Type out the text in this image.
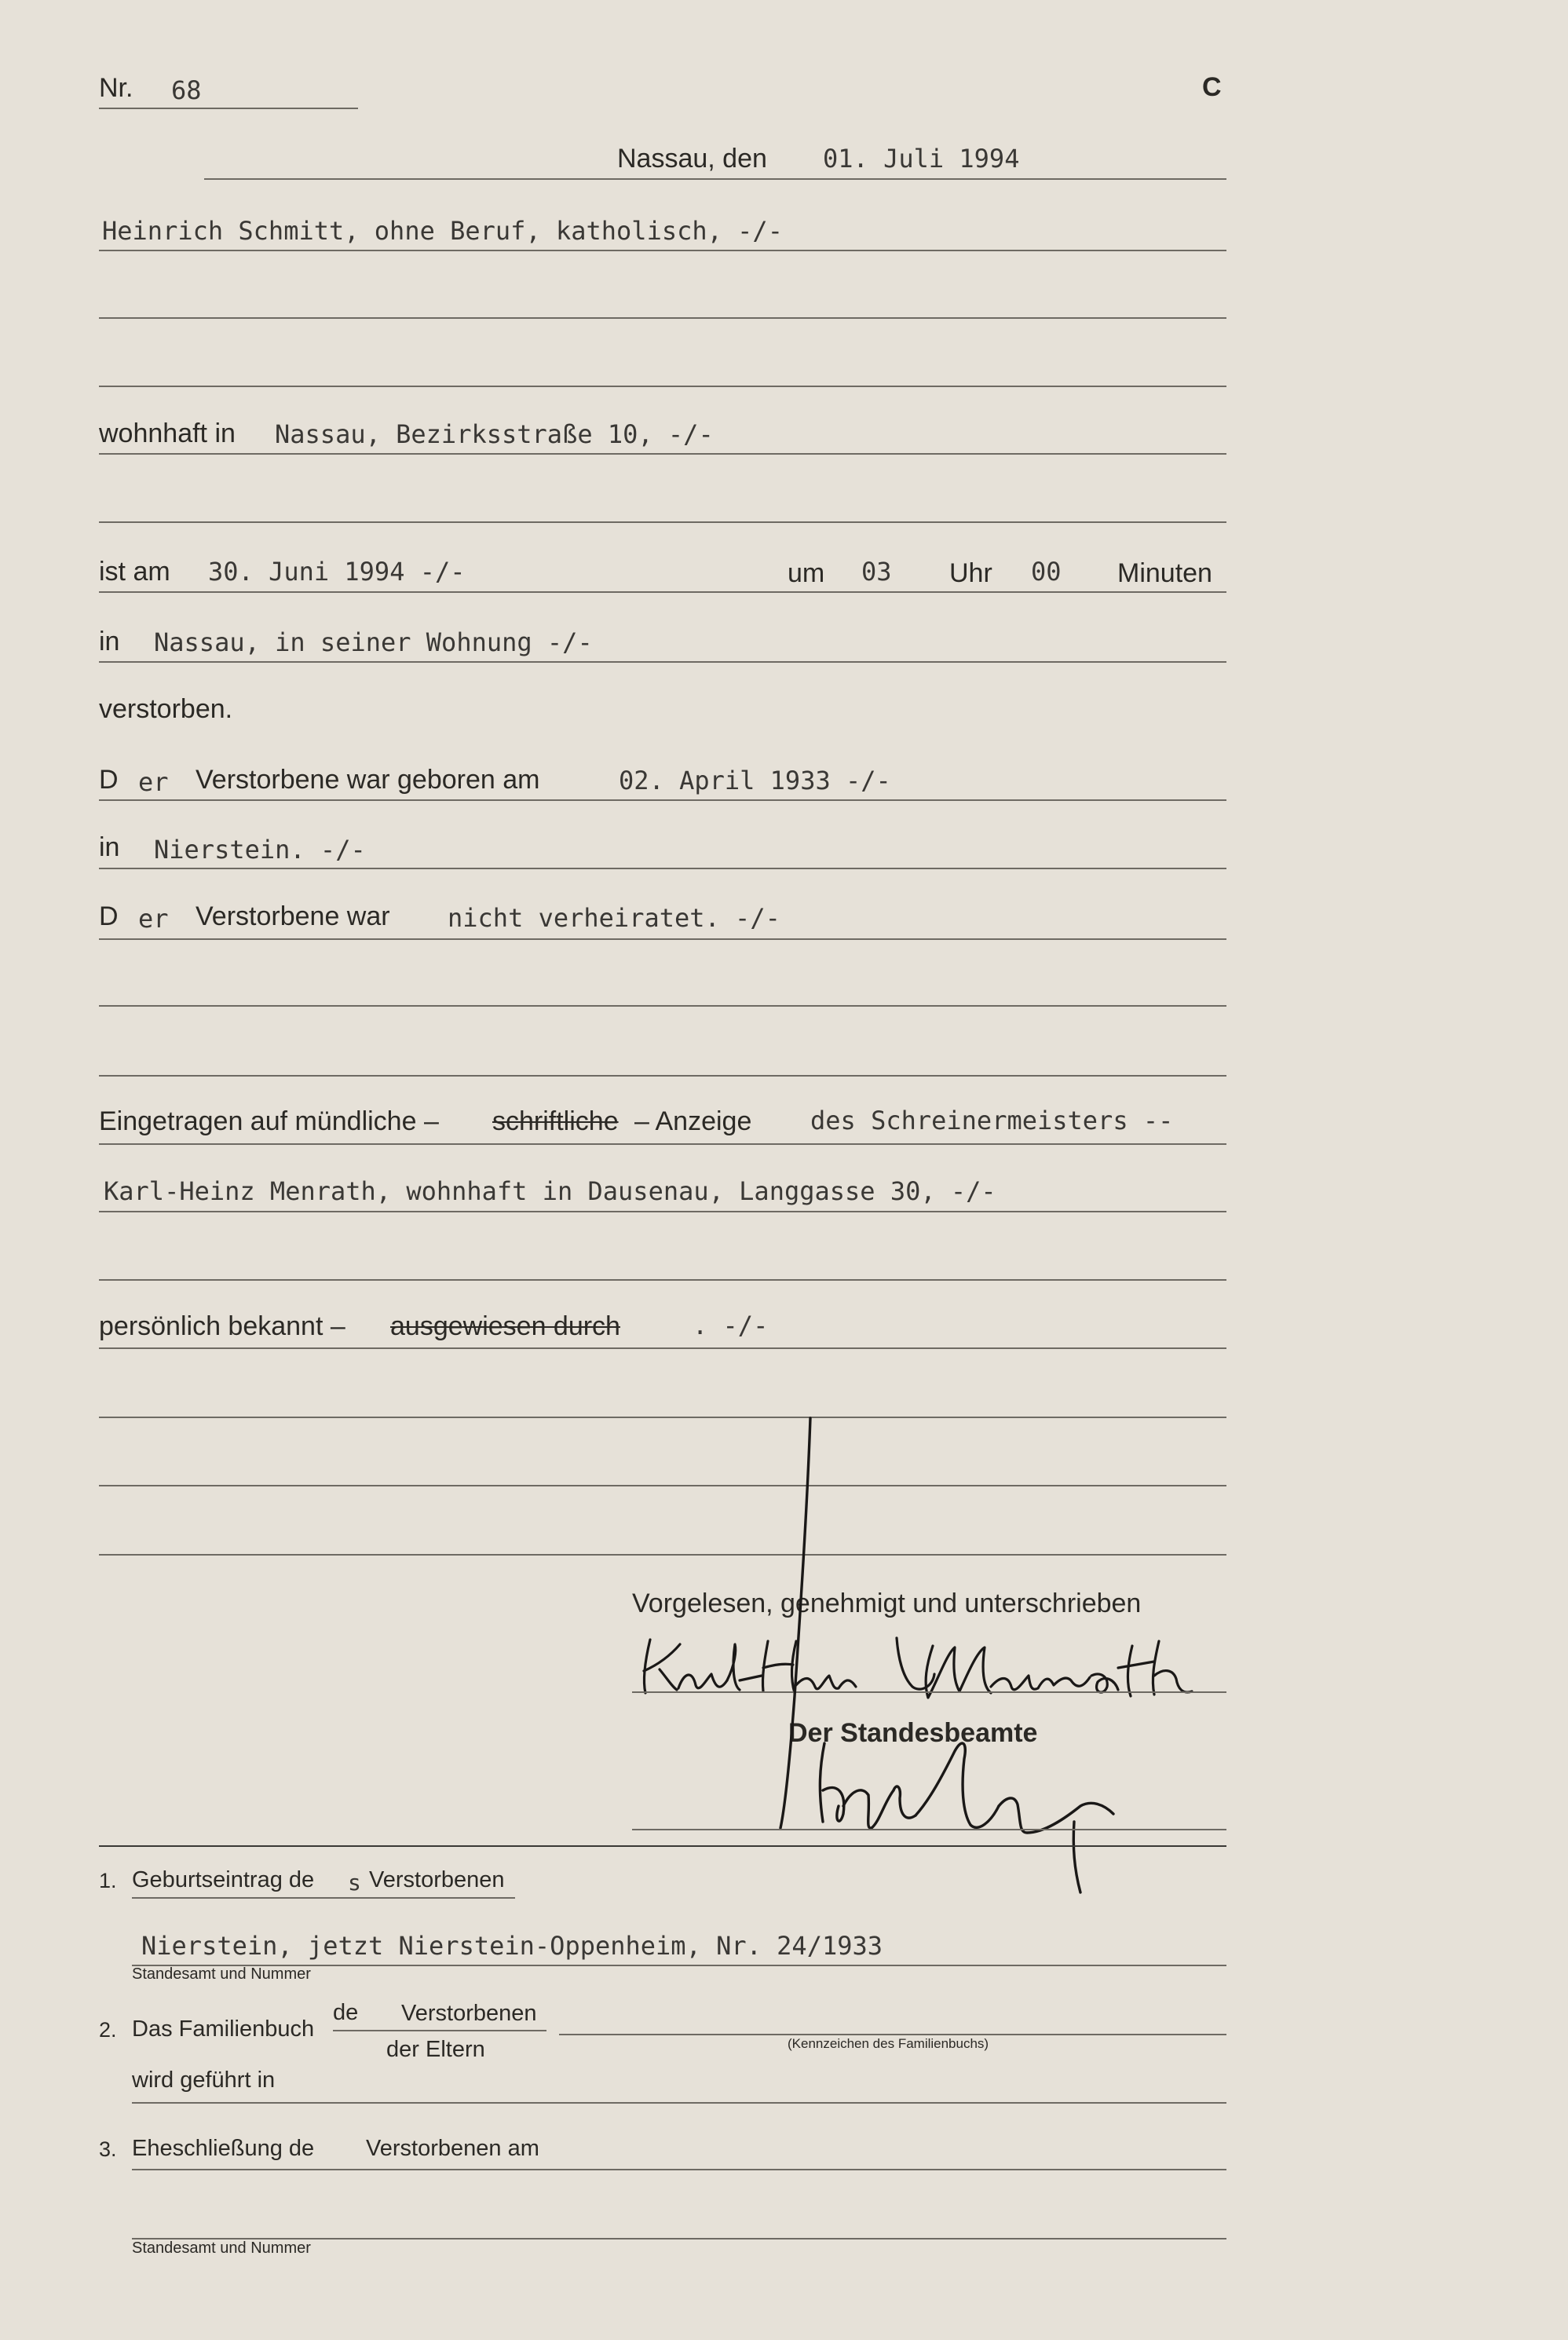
Nr. 68	C
Nassau, den 01. Juli 1994
Heinrich Schmitt, ohne Beruf, katholisch, -/-
wohnhaft in Nassau, Bezirksstraße 10, -/-
ist am 30. Juni 1994 -/-	um 03 Uhr 00 Minuten
in Nassau, in seiner Wohnung -/-
verstorben.
D er Verstorbene war geboren am	02. April 1933 -/-
in Nierstein. -/-
D er Verstorbene war nicht verheiratet. -/-
Eingetragen auf mündliche – schriftliche – Anzeige des Schreinermeisters --
Karl-Heinz Menrath, wohnhaft in Dausenau, Langgasse 30, -/-
persönlich bekannt – ausgewiesen durch	. -/-
Vorgelesen, genehmigt und unterschrieben
Der Standesbeamte
1. Geburtseintrag de s Verstorbenen
Nierstein, jetzt Nierstein-Oppenheim, Nr. 24/1933
Standesamt und Nummer
2. Das Familienbuch
de Verstorbenen
der Eltern	(Kennzeichen des Familienbuchs)
wird geführt in
3. Eheschließung de Verstorbenen am
Standesamt und Nummer
